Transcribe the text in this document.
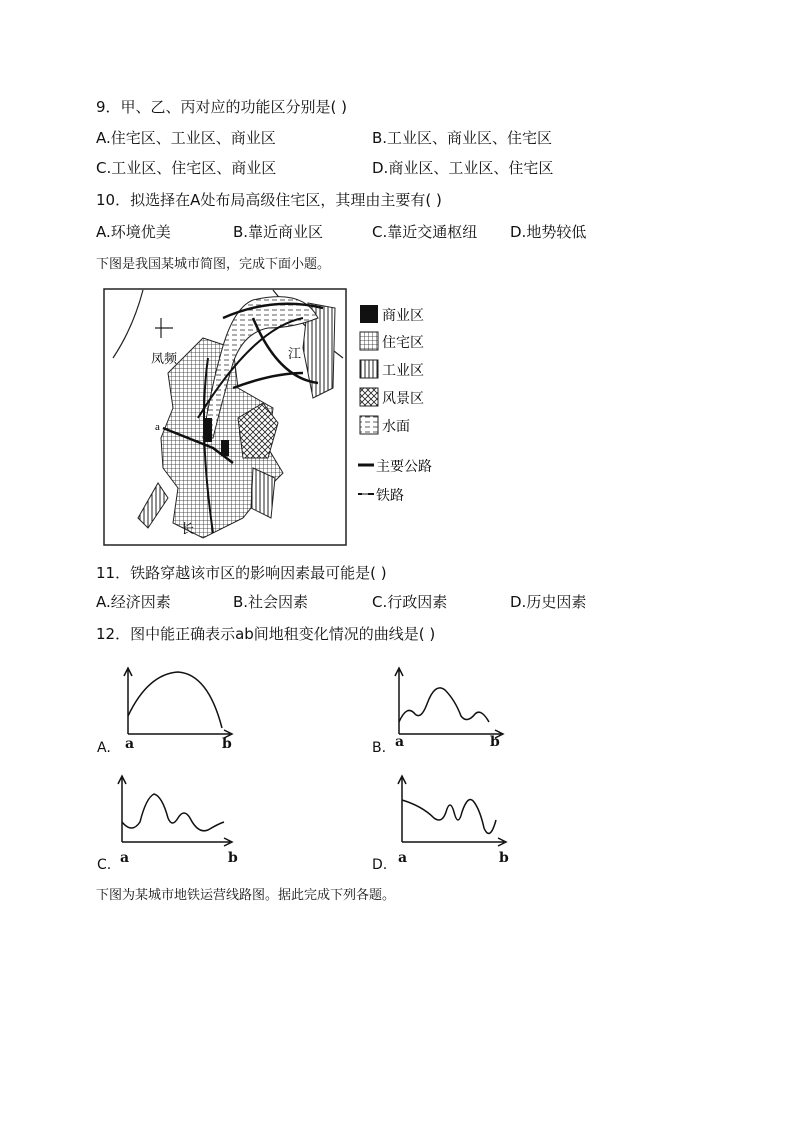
9．甲、乙、丙对应的功能区分别是( )
A.住宅区、工业区、商业区	B.工业区、商业区、住宅区
C.工业区、住宅区、商业区	D.商业区、工业区、住宅区
10．拟选择在A处布局高级住宅区，其理由主要有( )
A.环境优美	B.靠近商业区	C.靠近交通枢纽 D.地势较低
下图是我国某城市简图，完成下面小题。
凤频	江
长
a
商业区
住宅区
工业区
风景区
水面
主要公路
铁路
11．铁路穿越该市区的影响因素最可能是( )
A.经济因素	B.社会因素	C.行政因素	D.历史因素
12．图中能正确表示ab间地租变化情况的曲线是( )
A. a	b	B. a	b
C. a	b	D. a	b
下图为某城市地铁运营线路图。据此完成下列各题。
